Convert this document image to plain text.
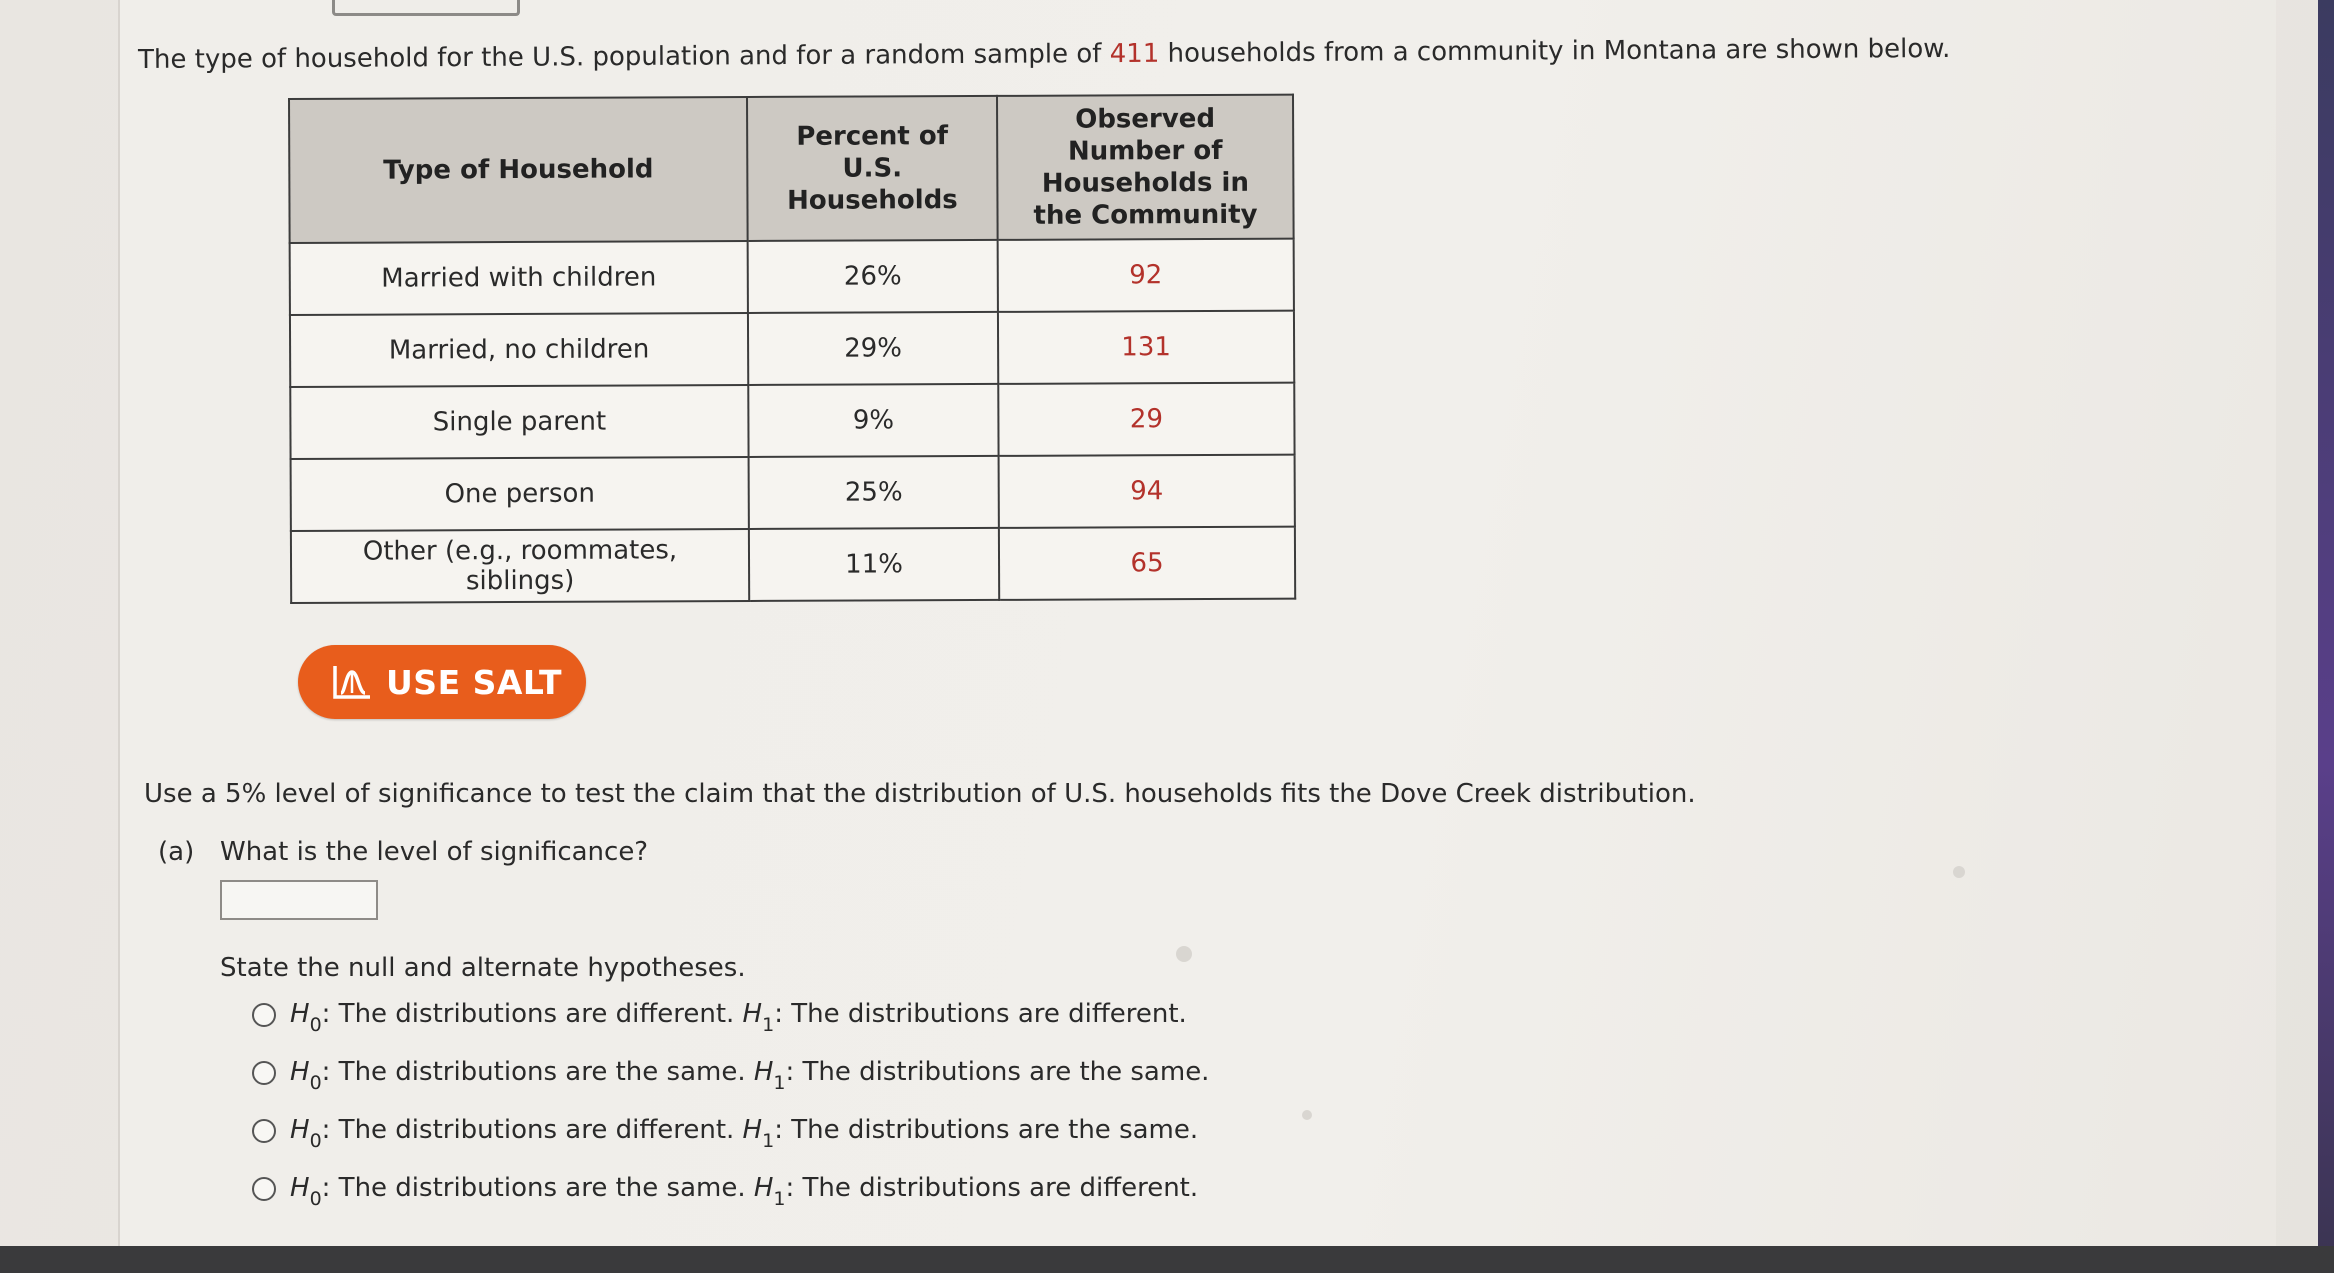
The type of household for the U.S. population and for a random sample of 411 households from a community in Montana are shown below.
Type of Household	Percent of U.S. Households	Observed Number of Households in the Community
Married with children	26%	92
Married, no children	29%	131
Single parent	9%	29
One person	25%	94
Other (e.g., roommates, siblings)	11%	65
USE SALT
Use a 5% level of significance to test the claim that the distribution of U.S. households fits the Dove Creek distribution.
(a) What is the level of significance?
State the null and alternate hypotheses.
$H_0$: The distributions are different. $H_1$: The distributions are different.
$H_0$: The distributions are the same. $H_1$: The distributions are the same.
$H_0$: The distributions are different. $H_1$: The distributions are the same.
$H_0$: The distributions are the same. $H_1$: The distributions are different.
